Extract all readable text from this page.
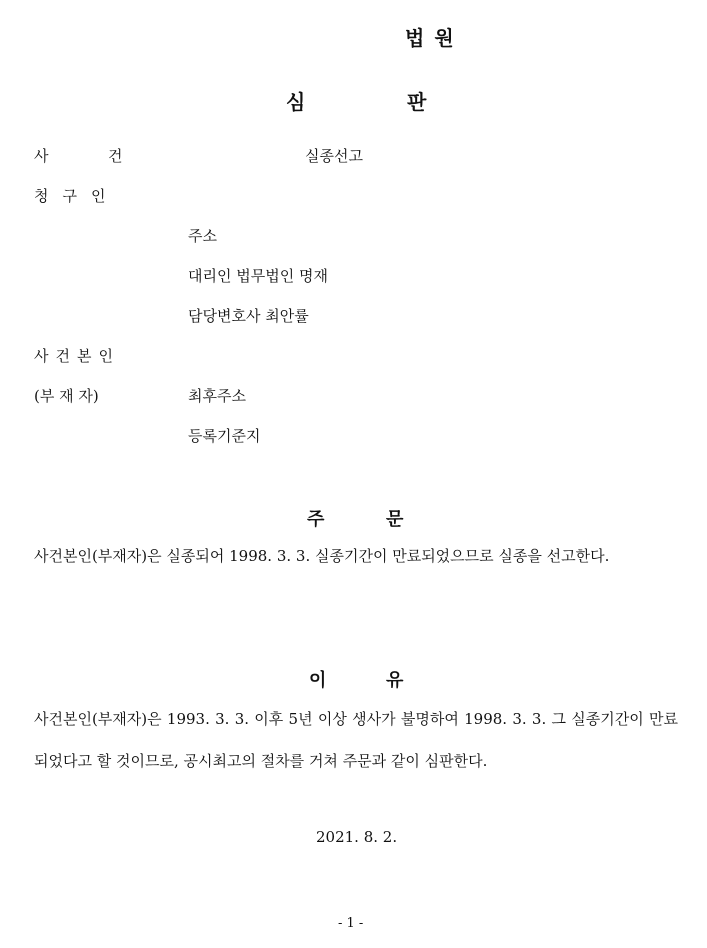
법원
심	판
사	건	실종선고
청구인
주소
대리인 법무법인 명재
담당변호사 최안률
사건본인
(부 재 자)	최후주소
등록기준지
주	문
사건본인(부재자)은 실종되어 1998. 3. 3. 실종기간이 만료되었으므로 실종을 선고한다.
이	유
사건본인(부재자)은 1993. 3. 3. 이후 5년 이상 생사가 불명하여 1998. 3. 3. 그 실종기간이 만료되었다고 할 것이므로, 공시최고의 절차를 거쳐 주문과 같이 심판한다.
2021. 8. 2.
- 1 -
